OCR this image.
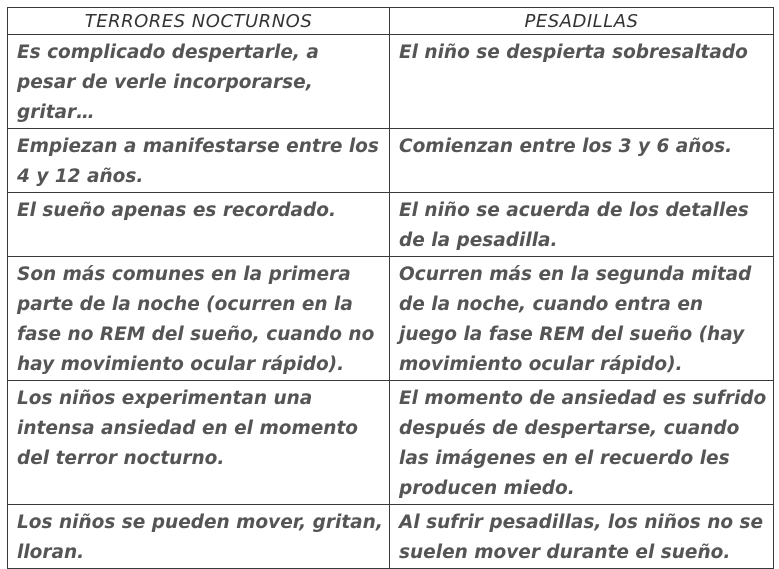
TERRORES NOCTURNOS	PESADILLAS
Es complicado despertarle, a pesar de verle incorporarse, gritar…	El niño se despierta sobresaltado
Empiezan a manifestarse entre los 4 y 12 años.	Comienzan entre los 3 y 6 años.
El sueño apenas es recordado.	El niño se acuerda de los detalles de la pesadilla.
Son más comunes en la primera parte de la noche (ocurren en la fase no REM del sueño, cuando no hay movimiento ocular rápido).	Ocurren más en la segunda mitad de la noche, cuando entra en juego la fase REM del sueño (hay movimiento ocular rápido).
Los niños experimentan una intensa ansiedad en el momento del terror nocturno.	El momento de ansiedad es sufrido después de despertarse, cuando las imágenes en el recuerdo les producen miedo.
Los niños se pueden mover, gritan, lloran.	Al sufrir pesadillas, los niños no se suelen mover durante el sueño.
